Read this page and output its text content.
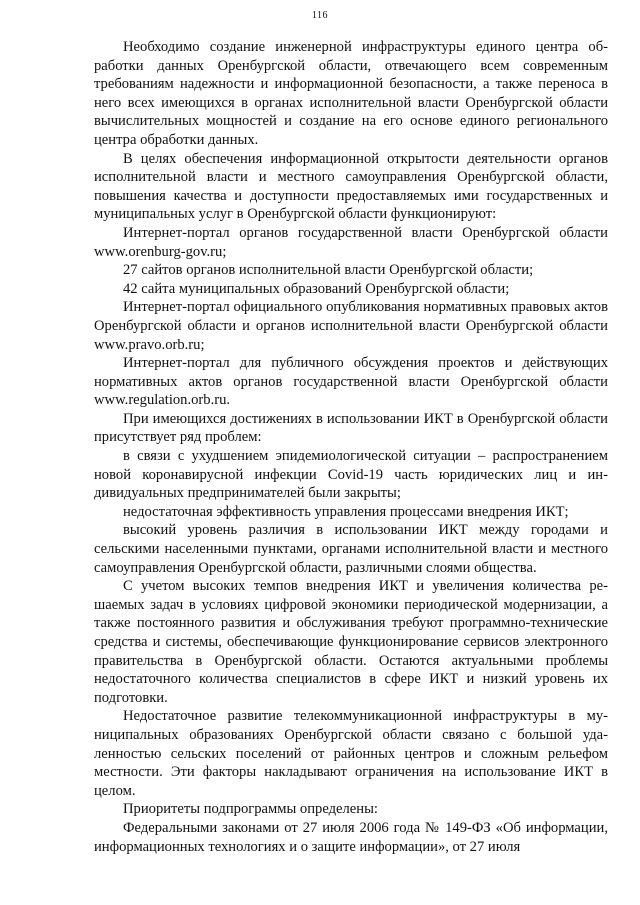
116

Необходимо создание инженерной инфраструктуры единого центра обработки данных Оренбургской области, отвечающего всем современным требованиям надежности и информационной безопасности, а также переноса в него всех имеющихся в органах исполнительной власти Оренбургской области вычислительных мощностей и создание на его основе единого регионального центра обработки данных.

В целях обеспечения информационной открытости деятельности органов исполнительной власти и местного самоуправления Оренбургской области, повышения качества и доступности предоставляемых ими государственных и муниципальных услуг в Оренбургской области функционируют:

Интернет-портал органов государственной власти Оренбургской области www.orenburg-gov.ru;

27 сайтов органов исполнительной власти Оренбургской области;

42 сайта муниципальных образований Оренбургской области;

Интернет-портал официального опубликования нормативных правовых актов Оренбургской области и органов исполнительной власти Оренбургской области www.pravo.orb.ru;

Интернет-портал для публичного обсуждения проектов и действующих нормативных актов органов государственной власти Оренбургской области www.regulation.orb.ru.

При имеющихся достижениях в использовании ИКТ в Оренбургской области присутствует ряд проблем:

в связи с ухудшением эпидемиологической ситуации – распространением новой коронавирусной инфекции Covid-19 часть юридических лиц и индивидуальных предпринимателей были закрыты;

недостаточная эффективность управления процессами внедрения ИКТ;

высокий уровень различия в использовании ИКТ между городами и сельскими населенными пунктами, органами исполнительной власти и местного самоуправления Оренбургской области, различными слоями общества.

С учетом высоких темпов внедрения ИКТ и увеличения количества решаемых задач в условиях цифровой экономики периодической модернизации, а также постоянного развития и обслуживания требуют программно-технические средства и системы, обеспечивающие функционирование сервисов электронного правительства в Оренбургской области. Остаются актуальными проблемы недостаточного количества специалистов в сфере ИКТ и низкий уровень их подготовки.

Недостаточное развитие телекоммуникационной инфраструктуры в муниципальных образованиях Оренбургской области связано с большой удаленностью сельских поселений от районных центров и сложным рельефом местности. Эти факторы накладывают ограничения на использование ИКТ в целом.

Приоритеты подпрограммы определены:

Федеральными законами от 27 июля 2006 года № 149-ФЗ «Об информации, информационных технологиях и о защите информации», от 27 июля
